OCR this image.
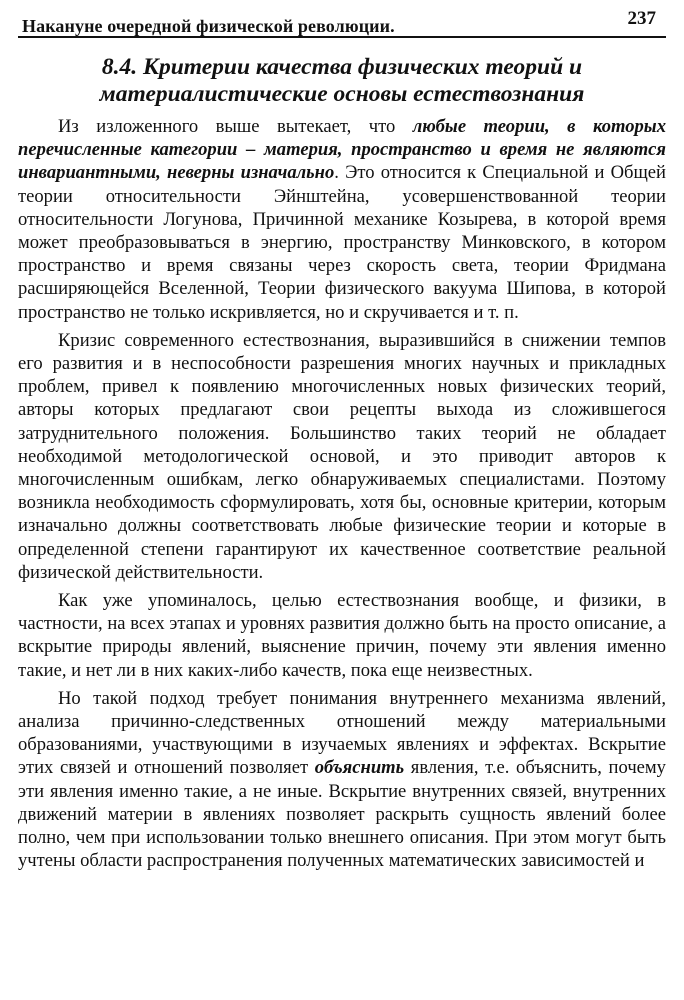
Накануне очередной физической революции.	237
8.4. Критерии качества физических теорий и
материалистические основы естествознания

Из изложенного выше вытекает, что любые теории, в которых перечисленные категории – материя, пространство и время не являются инвариантными, неверны изначально. Это относится к Специальной и Общей теории относительности Эйнштейна, усовершенствованной теории относительности Логунова, Причинной механике Козырева, в которой время может преобразовываться в энергию, пространству Минковского, в котором пространство и время связаны через скорость света, теории Фридмана расширяющейся Вселенной, Теории физического вакуума Шипова, в которой пространство не только искривляется, но и скручивается и т. п.

Кризис современного естествознания, выразившийся в снижении темпов его развития и в неспособности разрешения многих научных и прикладных проблем, привел к появлению многочисленных новых физических теорий, авторы которых предлагают свои рецепты выхода из сложившегося затруднительного положения. Большинство таких теорий не обладает необходимой методологической основой, и это приводит авторов к многочисленным ошибкам, легко обнаруживаемых специалистами. Поэтому возникла необходимость сформулировать, хотя бы, основные критерии, которым изначально должны соответствовать любые физические теории и которые в определенной степени гарантируют их качественное соответствие реальной физической действительности.

Как уже упоминалось, целью естествознания вообще, и физики, в частности, на всех этапах и уровнях развития должно быть на просто описание, а вскрытие природы явлений, выяснение причин, почему эти явления именно такие, и нет ли в них каких-либо качеств, пока еще неизвестных.

Но такой подход требует понимания внутреннего механизма явлений, анализа причинно-следственных отношений между материальными образованиями, участвующими в изучаемых явлениях и эффектах. Вскрытие этих связей и отношений позволяет объяснить явления, т.е. объяснить, почему эти явления именно такие, а не иные. Вскрытие внутренних связей, внутренних движений материи в явлениях позволяет раскрыть сущность явлений более полно, чем при использовании только внешнего описания. При этом могут быть учтены области распространения полученных математических зависимостей и
